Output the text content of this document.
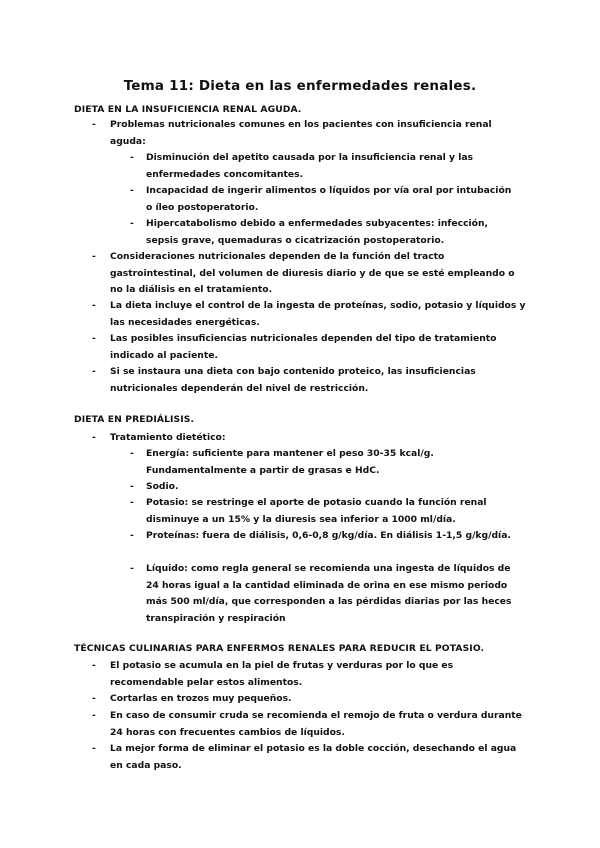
Tema 11: Dieta en las enfermedades renales.
DIETA EN LA INSUFICIENCIA RENAL AGUDA.
-	Problemas nutricionales comunes en los pacientes con insuficiencia renal aguda:
-	Disminución del apetito causada por la insuficiencia renal y las enfermedades concomitantes.
-	Incapacidad de ingerir alimentos o líquidos por vía oral por intubación o íleo postoperatorio.
-	Hipercatabolismo debido a enfermedades subyacentes: infección, sepsis grave, quemaduras o cicatrización postoperatorio.
-	Consideraciones nutricionales dependen de la función del tracto gastrointestinal, del volumen de diuresis diario y de que se esté empleando o no la diálisis en el tratamiento.
-	La dieta incluye el control de la ingesta de proteínas, sodio, potasio y líquidos y las necesidades energéticas.
-	Las posibles insuficiencias nutricionales dependen del tipo de tratamiento indicado al paciente.
-	Si se instaura una dieta con bajo contenido proteico, las insuficiencias nutricionales dependerán del nivel de restricción.
DIETA EN PREDIÁLISIS.
-	Tratamiento dietético:
-	Energía: suficiente para mantener el peso 30-35 kcal/g. Fundamentalmente a partir de grasas e HdC.
-	Sodio.
-	Potasio: se restringe el aporte de potasio cuando la función renal disminuye a un 15% y la diuresis sea inferior a 1000 ml/día.
-	Proteínas: fuera de diálisis, 0,6-0,8 g/kg/día. En diálisis 1-1,5 g/kg/día.
-	Líquido: como regla general se recomienda una ingesta de líquidos de 24 horas igual a la cantidad eliminada de orina en ese mismo periodo más 500 ml/día, que corresponden a las pérdidas diarias por las heces transpiración y respiración
TÉCNICAS CULINARIAS PARA ENFERMOS RENALES PARA REDUCIR EL POTASIO.
-	El potasio se acumula en la piel de frutas y verduras por lo que es recomendable pelar estos alimentos.
-	Cortarlas en trozos muy pequeños.
-	En caso de consumir cruda se recomienda el remojo de fruta o verdura durante 24 horas con frecuentes cambios de líquidos.
-	La mejor forma de eliminar el potasio es la doble cocción, desechando el agua en cada paso.
